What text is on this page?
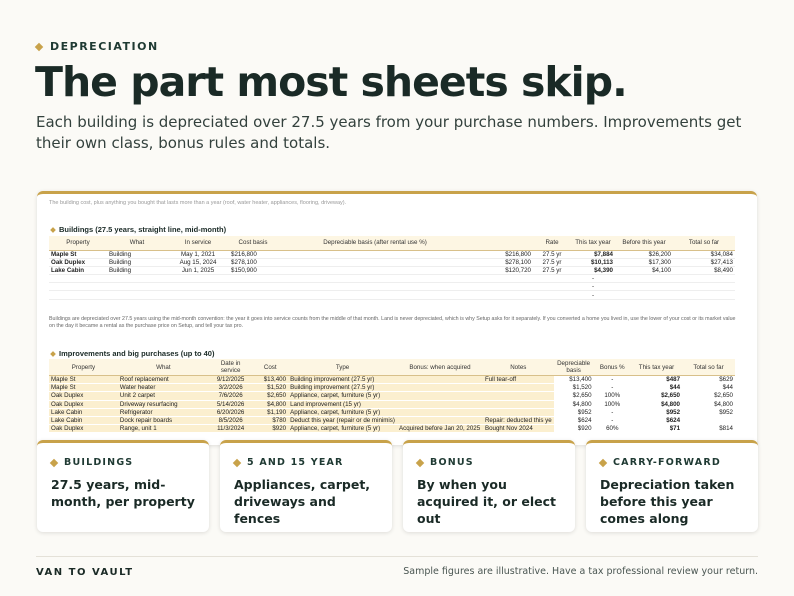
DEPRECIATION
The part most sheets skip.
Each building is depreciated over 27.5 years from your purchase numbers. Improvements get their own class, bonus rules and totals.
The building cost, plus anything you bought that lasts more than a year (roof, water heater, appliances, flooring, driveway).
Buildings (27.5 years, straight line, mid-month)
Property	What	In service	Cost basis	Depreciable basis (after rental use %)		Rate	This tax year	Before this year	Total so far
Maple St	Building	May 1, 2021	$216,800		$216,800	27.5 yr	$7,884	$26,200	$34,084
Oak Duplex	Building	Aug 15, 2024	$278,100		$278,100	27.5 yr	$10,113	$17,300	$27,413
Lake Cabin	Building	Jun 1, 2025	$150,900		$120,720	27.5 yr	$4,390	$4,100	$8,490
							-		
							-		
							-		
Buildings are depreciated over 27.5 years using the mid-month convention: the year it goes into service counts from the middle of that month. Land is never depreciated, which is why Setup asks for it separately. If you converted a home you lived in, use the lower of your cost or its market value on the day it became a rental as the purchase price on Setup, and tell your tax pro.
Improvements and big purchases (up to 40)
Property	What	Date in service	Cost	Type	Bonus: when acquired	Notes	Depreciable basis	Bonus %	This tax year	Total so far
Maple St	Roof replacement	9/12/2025	$13,400	Building improvement (27.5 yr)		Full tear-off	$13,400	-	$487	$629
Maple St	Water heater	3/2/2026	$1,520	Building improvement (27.5 yr)			$1,520	-	$44	$44
Oak Duplex	Unit 2 carpet	7/6/2026	$2,650	Appliance, carpet, furniture (5 yr)			$2,650	100%	$2,650	$2,650
Oak Duplex	Driveway resurfacing	5/14/2026	$4,800	Land improvement (15 yr)			$4,800	100%	$4,800	$4,800
Lake Cabin	Refrigerator	6/20/2026	$1,190	Appliance, carpet, furniture (5 yr)			$952	-	$952	$952
Lake Cabin	Dock repair boards	8/5/2026	$780	Deduct this year (repair or de minimis)		Repair: deducted this ye	$624	-	$624	
Oak Duplex	Range, unit 1	11/3/2024	$920	Appliance, carpet, furniture (5 yr)	Acquired before Jan 20, 2025	Bought Nov 2024	$920	60%	$71	$814
BUILDINGS
27.5 years, mid-month, per property
5 AND 15 YEAR
Appliances, carpet, driveways and fences
BONUS
By when you acquired it, or elect out
CARRY-FORWARD
Depreciation taken before this year comes along
VAN TO VAULT	Sample figures are illustrative. Have a tax professional review your return.
